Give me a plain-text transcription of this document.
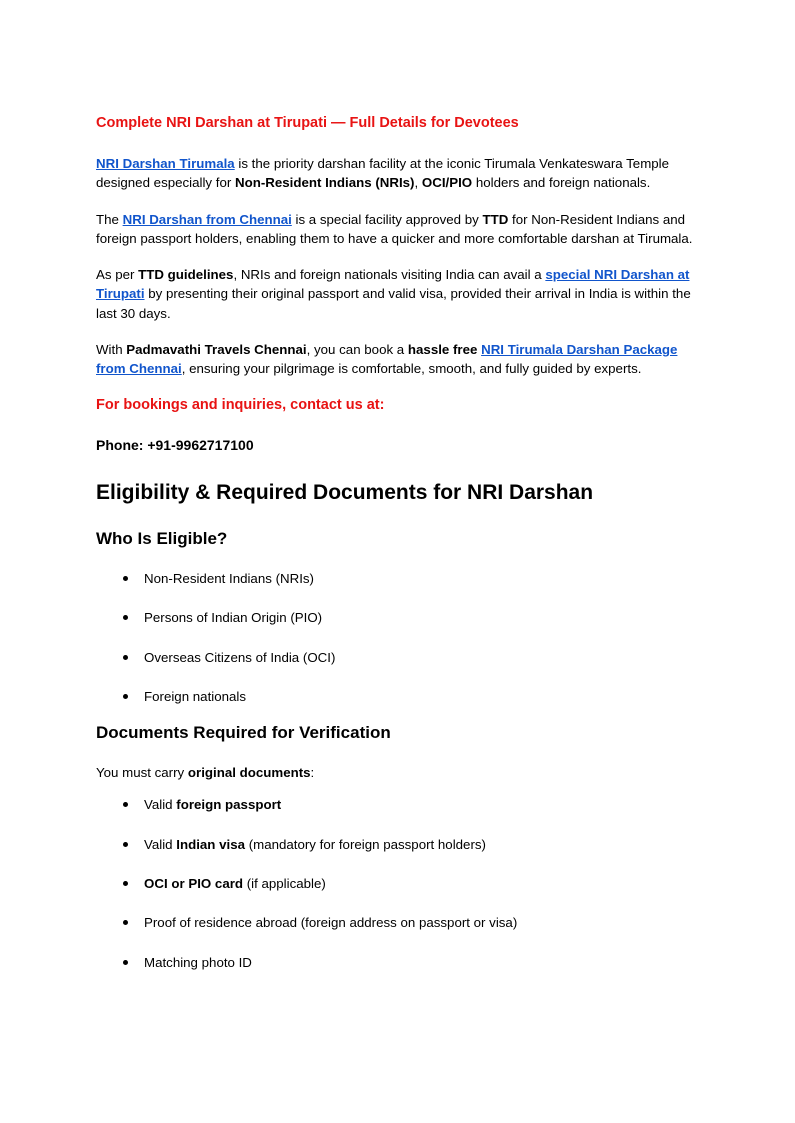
Complete NRI Darshan at Tirupati — Full Details for Devotees

NRI Darshan Tirumala is the priority darshan facility at the iconic Tirumala Venkateswara Temple designed especially for Non-Resident Indians (NRIs), OCI/PIO holders and foreign nationals.

The NRI Darshan from Chennai is a special facility approved by TTD for Non-Resident Indians and foreign passport holders, enabling them to have a quicker and more comfortable darshan at Tirumala.

As per TTD guidelines, NRIs and foreign nationals visiting India can avail a special NRI Darshan at Tirupati by presenting their original passport and valid visa, provided their arrival in India is within the last 30 days.

With Padmavathi Travels Chennai, you can book a hassle free NRI Tirumala Darshan Package from Chennai, ensuring your pilgrimage is comfortable, smooth, and fully guided by experts.

For bookings and inquiries, contact us at:

Phone: +91-9962717100

Eligibility & Required Documents for NRI Darshan
Who Is Eligible?
Non-Resident Indians (NRIs)
Persons of Indian Origin (PIO)
Overseas Citizens of India (OCI)
Foreign nationals
Documents Required for Verification

You must carry original documents:

Valid foreign passport
Valid Indian visa (mandatory for foreign passport holders)
OCI or PIO card (if applicable)
Proof of residence abroad (foreign address on passport or visa)
Matching photo ID
